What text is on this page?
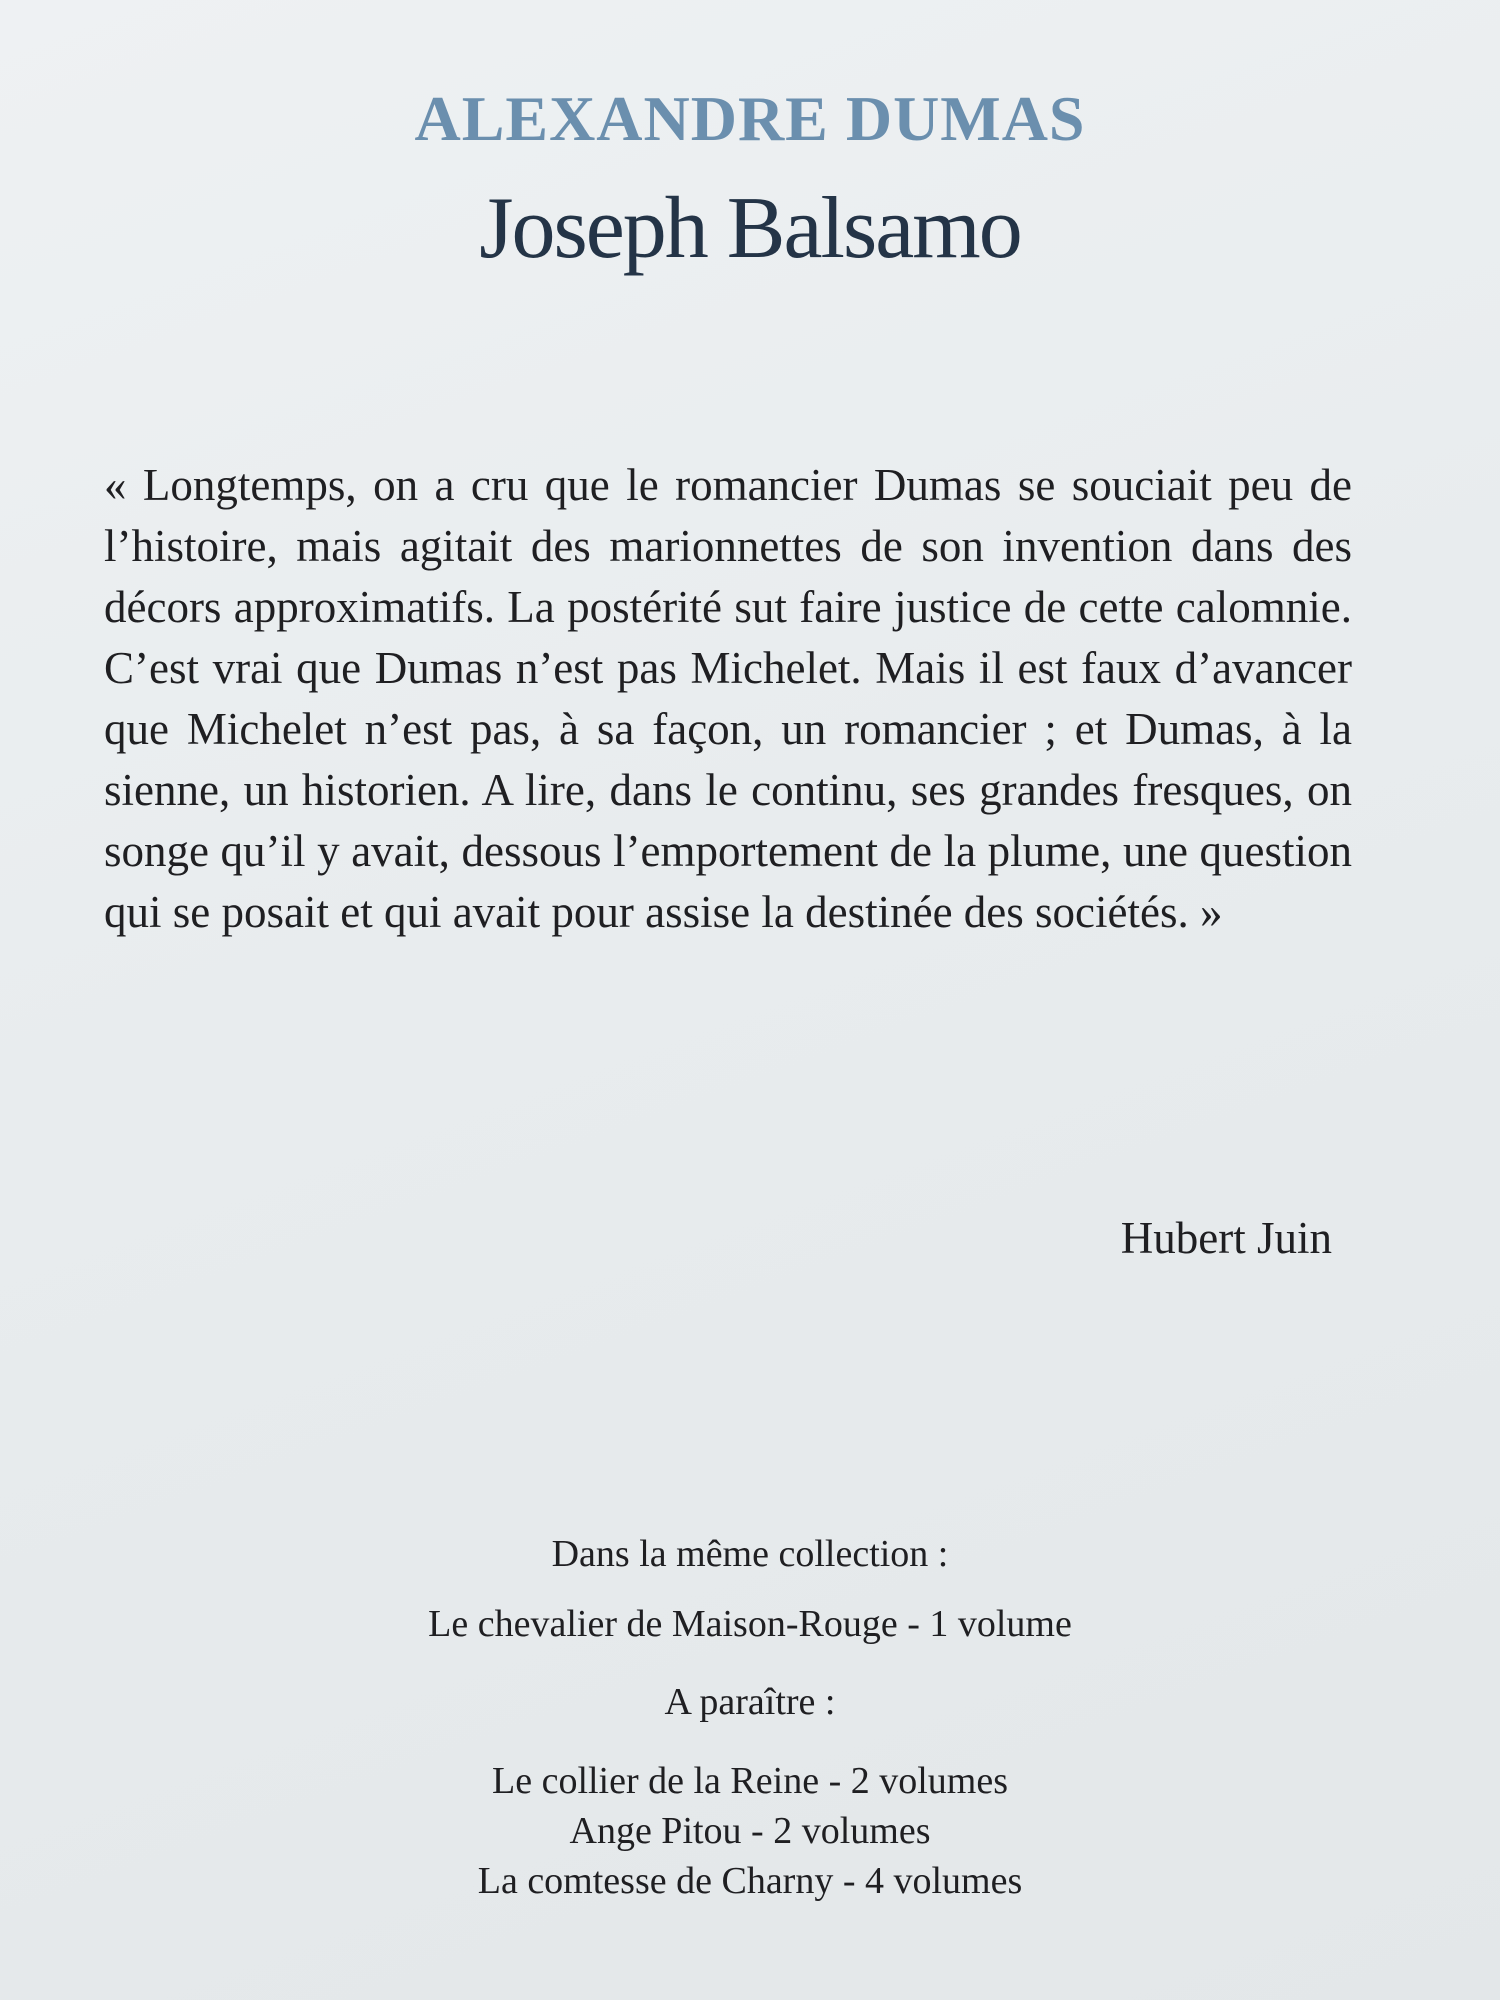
ALEXANDRE DUMAS
Joseph Balsamo
« Longtemps, on a cru que le romancier Dumas se souciait peu de l’histoire, mais agitait des marionnettes de son invention dans des décors approximatifs. La postérité sut faire justice de cette calomnie. C’est vrai que Dumas n’est pas Michelet. Mais il est faux d’avancer que Michelet n’est pas, à sa façon, un romancier ; et Dumas, à la sienne, un historien. A lire, dans le continu, ses grandes fresques, on songe qu’il y avait, dessous l’emportement de la plume, une question qui se posait et qui avait pour assise la destinée des sociétés. »
Hubert Juin
Dans la même collection :
Le chevalier de Maison-Rouge - 1 volume
A paraître :
Le collier de la Reine - 2 volumes
Ange Pitou - 2 volumes
La comtesse de Charny - 4 volumes
